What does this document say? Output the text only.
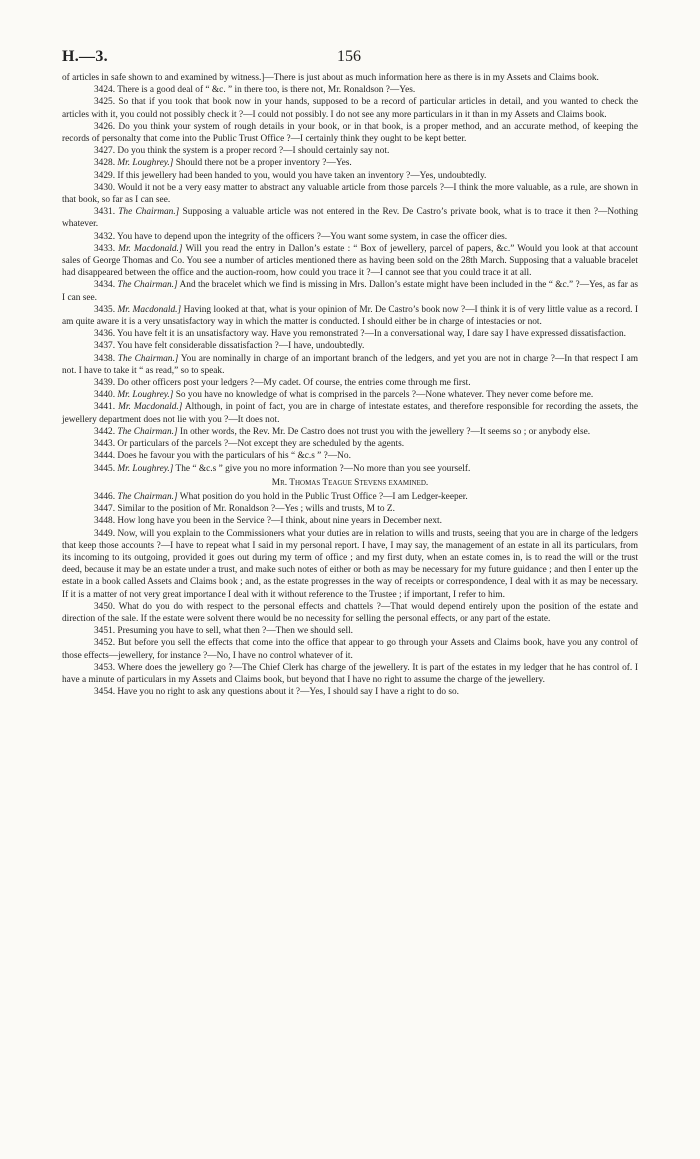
H.—3.	156

of articles in safe shown to and examined by witness.]—There is just about as much information here as there is in my Assets and Claims book.

3424. There is a good deal of “ &c. ” in there too, is there not, Mr. Ronaldson ?—Yes.

3425. So that if you took that book now in your hands, supposed to be a record of particular articles in detail, and you wanted to check the articles with it, you could not possibly check it ?—I could not possibly. I do not see any more particulars in it than in my Assets and Claims book.

3426. Do you think your system of rough details in your book, or in that book, is a proper method, and an accurate method, of keeping the records of personalty that come into the Public Trust Office ?—I certainly think they ought to be kept better.

3427. Do you think the system is a proper record ?—I should certainly say not.

3428. Mr. Loughrey.] Should there not be a proper inventory ?—Yes.

3429. If this jewellery had been handed to you, would you have taken an inventory ?—Yes, undoubtedly.

3430. Would it not be a very easy matter to abstract any valuable article from those parcels ?—I think the more valuable, as a rule, are shown in that book, so far as I can see.

3431. The Chairman.] Supposing a valuable article was not entered in the Rev. De Castro’s private book, what is to trace it then ?—Nothing whatever.

3432. You have to depend upon the integrity of the officers ?—You want some system, in case the officer dies.

3433. Mr. Macdonald.] Will you read the entry in Dallon’s estate : “ Box of jewellery, parcel of papers, &c.” Would you look at that account sales of George Thomas and Co. You see a number of articles mentioned there as having been sold on the 28th March. Supposing that a valuable bracelet had disappeared between the office and the auction-room, how could you trace it ?—I cannot see that you could trace it at all.

3434. The Chairman.] And the bracelet which we find is missing in Mrs. Dallon’s estate might have been included in the “ &c.” ?—Yes, as far as I can see.

3435. Mr. Macdonald.] Having looked at that, what is your opinion of Mr. De Castro’s book now ?—I think it is of very little value as a record. I am quite aware it is a very unsatisfactory way in which the matter is conducted. I should either be in charge of intestacies or not.

3436. You have felt it is an unsatisfactory way. Have you remonstrated ?—In a conversational way, I dare say I have expressed dissatisfaction.

3437. You have felt considerable dissatisfaction ?—I have, undoubtedly.

3438. The Chairman.] You are nominally in charge of an important branch of the ledgers, and yet you are not in charge ?—In that respect I am not. I have to take it “ as read,” so to speak.

3439. Do other officers post your ledgers ?—My cadet. Of course, the entries come through me first.

3440. Mr. Loughrey.] So you have no knowledge of what is comprised in the parcels ?—None whatever. They never come before me.

3441. Mr. Macdonald.] Although, in point of fact, you are in charge of intestate estates, and therefore responsible for recording the assets, the jewellery department does not lie with you ?—It does not.

3442. The Chairman.] In other words, the Rev. Mr. De Castro does not trust you with the jewellery ?—It seems so ; or anybody else.

3443. Or particulars of the parcels ?—Not except they are scheduled by the agents.

3444. Does he favour you with the particulars of his “ &c.s ” ?—No.

3445. Mr. Loughrey.] The “ &c.s ” give you no more information ?—No more than you see yourself.

Mr. Thomas Teague Stevens examined.

3446. The Chairman.] What position do you hold in the Public Trust Office ?—I am Ledger-keeper.

3447. Similar to the position of Mr. Ronaldson ?—Yes ; wills and trusts, M to Z.

3448. How long have you been in the Service ?—I think, about nine years in December next.

3449. Now, will you explain to the Commissioners what your duties are in relation to wills and trusts, seeing that you are in charge of the ledgers that keep those accounts ?—I have to repeat what I said in my personal report. I have, I may say, the management of an estate in all its particulars, from its incoming to its outgoing, provided it goes out during my term of office ; and my first duty, when an estate comes in, is to read the will or the trust deed, because it may be an estate under a trust, and make such notes of either or both as may be necessary for my future guidance ; and then I enter up the estate in a book called Assets and Claims book ; and, as the estate progresses in the way of receipts or correspondence, I deal with it as may be necessary. If it is a matter of not very great importance I deal with it without reference to the Trustee ; if important, I refer to him.

3450. What do you do with respect to the personal effects and chattels ?—That would depend entirely upon the position of the estate and direction of the sale. If the estate were solvent there would be no necessity for selling the personal effects, or any part of the estate.

3451. Presuming you have to sell, what then ?—Then we should sell.

3452. But before you sell the effects that come into the office that appear to go through your Assets and Claims book, have you any control of those effects—jewellery, for instance ?—No, I have no control whatever of it.

3453. Where does the jewellery go ?—The Chief Clerk has charge of the jewellery. It is part of the estates in my ledger that he has control of. I have a minute of particulars in my Assets and Claims book, but beyond that I have no right to assume the charge of the jewellery.

3454. Have you no right to ask any questions about it ?—Yes, I should say I have a right to do so.
